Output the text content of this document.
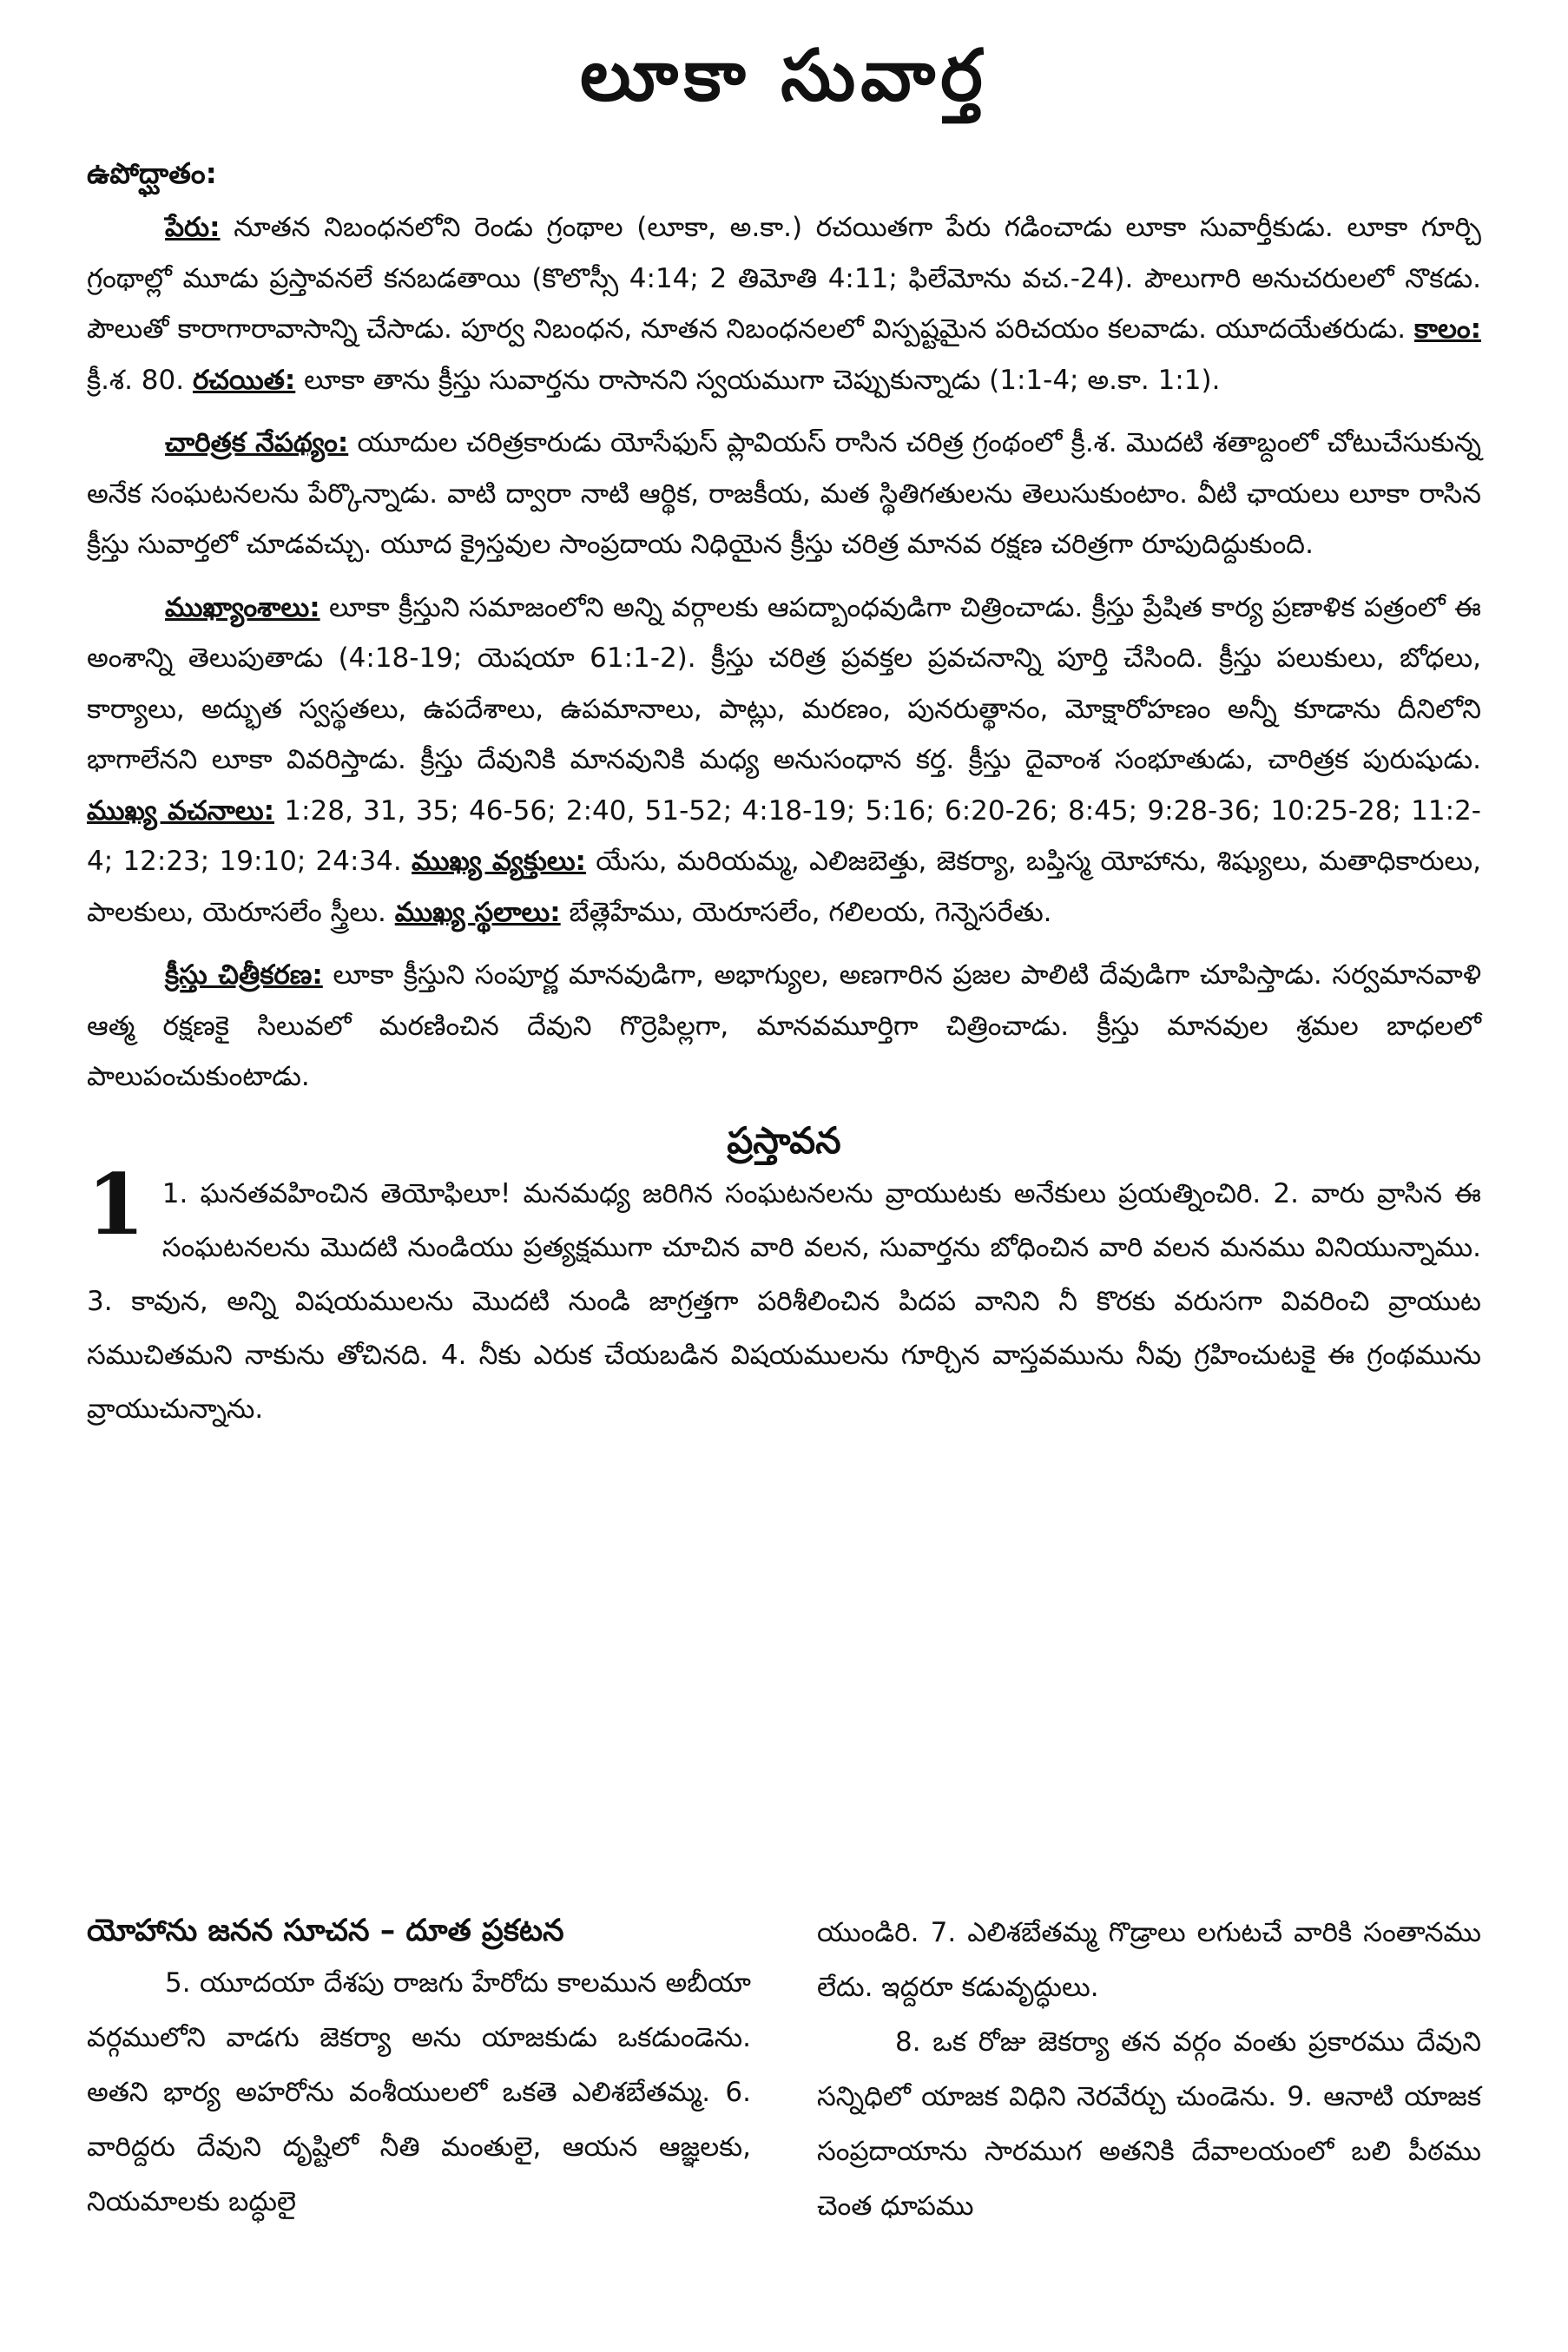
లూకా సువార్త
ఉపోద్ఘాతం:

పేరు: నూతన నిబంధనలోని రెండు గ్రంథాల (లూకా, అ.కా.) రచయితగా పేరు గడించాడు లూకా సువార్తీకుడు. లూకా గూర్చి గ్రంథాల్లో మూడు ప్రస్తావనలే కనబడతాయి (కొలొస్సీ 4:14; 2 తిమోతి 4:11; ఫిలేమోను వచ.-24). పౌలుగారి అనుచరులలో నొకడు. పౌలుతో కారాగారావాసాన్ని చేసాడు. పూర్వ నిబంధన, నూతన నిబంధనలలో విస్పష్టమైన పరిచయం కలవాడు. యూదయేతరుడు. కాలం: క్రీ.శ. 80. రచయిత: లూకా తాను క్రీస్తు సువార్తను రాసానని స్వయముగా చెప్పుకున్నాడు (1:1-4; అ.కా. 1:1).

చారిత్రక నేపథ్యం: యూదుల చరిత్రకారుడు యోసేఫుస్ ప్లావియస్ రాసిన చరిత్ర గ్రంథంలో క్రీ.శ. మొదటి శతాబ్దంలో చోటుచేసుకున్న అనేక సంఘటనలను పేర్కొన్నాడు. వాటి ద్వారా నాటి ఆర్థిక, రాజకీయ, మత స్థితిగతులను తెలుసుకుంటాం. వీటి ఛాయలు లూకా రాసిన క్రీస్తు సువార్తలో చూడవచ్చు. యూద క్రైస్తవుల సాంప్రదాయ నిధియైన క్రీస్తు చరిత్ర మానవ రక్షణ చరిత్రగా రూపుదిద్దుకుంది.

ముఖ్యాంశాలు: లూకా క్రీస్తుని సమాజంలోని అన్ని వర్గాలకు ఆపద్బాంధవుడిగా చిత్రించాడు. క్రీస్తు ప్రేషిత కార్య ప్రణాళిక పత్రంలో ఈ అంశాన్ని తెలుపుతాడు (4:18-19; యెషయా 61:1-2). క్రీస్తు చరిత్ర ప్రవక్తల ప్రవచనాన్ని పూర్తి చేసింది. క్రీస్తు పలుకులు, బోధలు, కార్యాలు, అద్భుత స్వస్థతలు, ఉపదేశాలు, ఉపమానాలు, పాట్లు, మరణం, పునరుత్థానం, మోక్షారోహణం అన్నీ కూడాను దీనిలోని భాగాలేనని లూకా వివరిస్తాడు. క్రీస్తు దేవునికి మానవునికి మధ్య అనుసంధాన కర్త. క్రీస్తు దైవాంశ సంభూతుడు, చారిత్రక పురుషుడు. ముఖ్య వచనాలు: 1:28, 31, 35; 46-56; 2:40, 51-52; 4:18-19; 5:16; 6:20-26; 8:45; 9:28-36; 10:25-28; 11:2-4; 12:23; 19:10; 24:34. ముఖ్య వ్యక్తులు: యేసు, మరియమ్మ, ఎలిజబెత్తు, జెకర్యా, బప్తిస్మ యోహాను, శిష్యులు, మతాధికారులు, పాలకులు, యెరూసలేం స్త్రీలు. ముఖ్య స్థలాలు: బేత్లెహేము, యెరూసలేం, గలిలయ, గెన్నెసరేతు.

క్రీస్తు చిత్రీకరణ: లూకా క్రీస్తుని సంపూర్ణ మానవుడిగా, అభాగ్యుల, అణగారిన ప్రజల పాలిటి దేవుడిగా చూపిస్తాడు. సర్వమానవాళి ఆత్మ రక్షణకై సిలువలో మరణించిన దేవుని గొర్రెపిల్లగా, మానవమూర్తిగా చిత్రించాడు. క్రీస్తు మానవుల శ్రమల బాధలలో పాలుపంచుకుంటాడు.

ప్రస్తావన

1 1. ఘనతవహించిన తెయోఫిలూ! మనమధ్య జరిగిన సంఘటనలను వ్రాయుటకు అనేకులు ప్రయత్నించిరి. 2. వారు వ్రాసిన ఈ సంఘటనలను మొదటి నుండియు ప్రత్యక్షముగా చూచిన వారి వలన, సువార్తను బోధించిన వారి వలన మనము వినియున్నాము. 3. కావున, అన్ని విషయములను మొదటి నుండి జాగ్రత్తగా పరిశీలించిన పిదప వానిని నీ కొరకు వరుసగా వివరించి వ్రాయుట సముచితమని నాకును తోచినది. 4. నీకు ఎరుక చేయబడిన విషయములను గూర్చిన వాస్తవమును నీవు గ్రహించుటకై ఈ గ్రంథమును వ్రాయుచున్నాను.

యోహాను జనన సూచన – దూత ప్రకటన

5. యూదయా దేశపు రాజగు హేరోదు కాలమున అబీయా వర్గములోని వాడగు జెకర్యా అను యాజకుడు ఒకడుండెను. అతని భార్య అహరోను వంశీయులలో ఒకతె ఎలిశబేతమ్మ. 6. వారిద్దరు దేవుని దృష్టిలో నీతి మంతులై, ఆయన ఆజ్ఞలకు, నియమాలకు బద్ధులై

యుండిరి. 7. ఎలిశబేతమ్మ గొడ్రాలు లగుటచే వారికి సంతానము లేదు. ఇద్దరూ కడువృద్ధులు.

8. ఒక రోజు జెకర్యా తన వర్గం వంతు ప్రకారము దేవుని సన్నిధిలో యాజక విధిని నెరవేర్చు చుండెను. 9. ఆనాటి యాజక సంప్రదాయాను సారముగ అతనికి దేవాలయంలో బలి పీఠము చెంత ధూపము
